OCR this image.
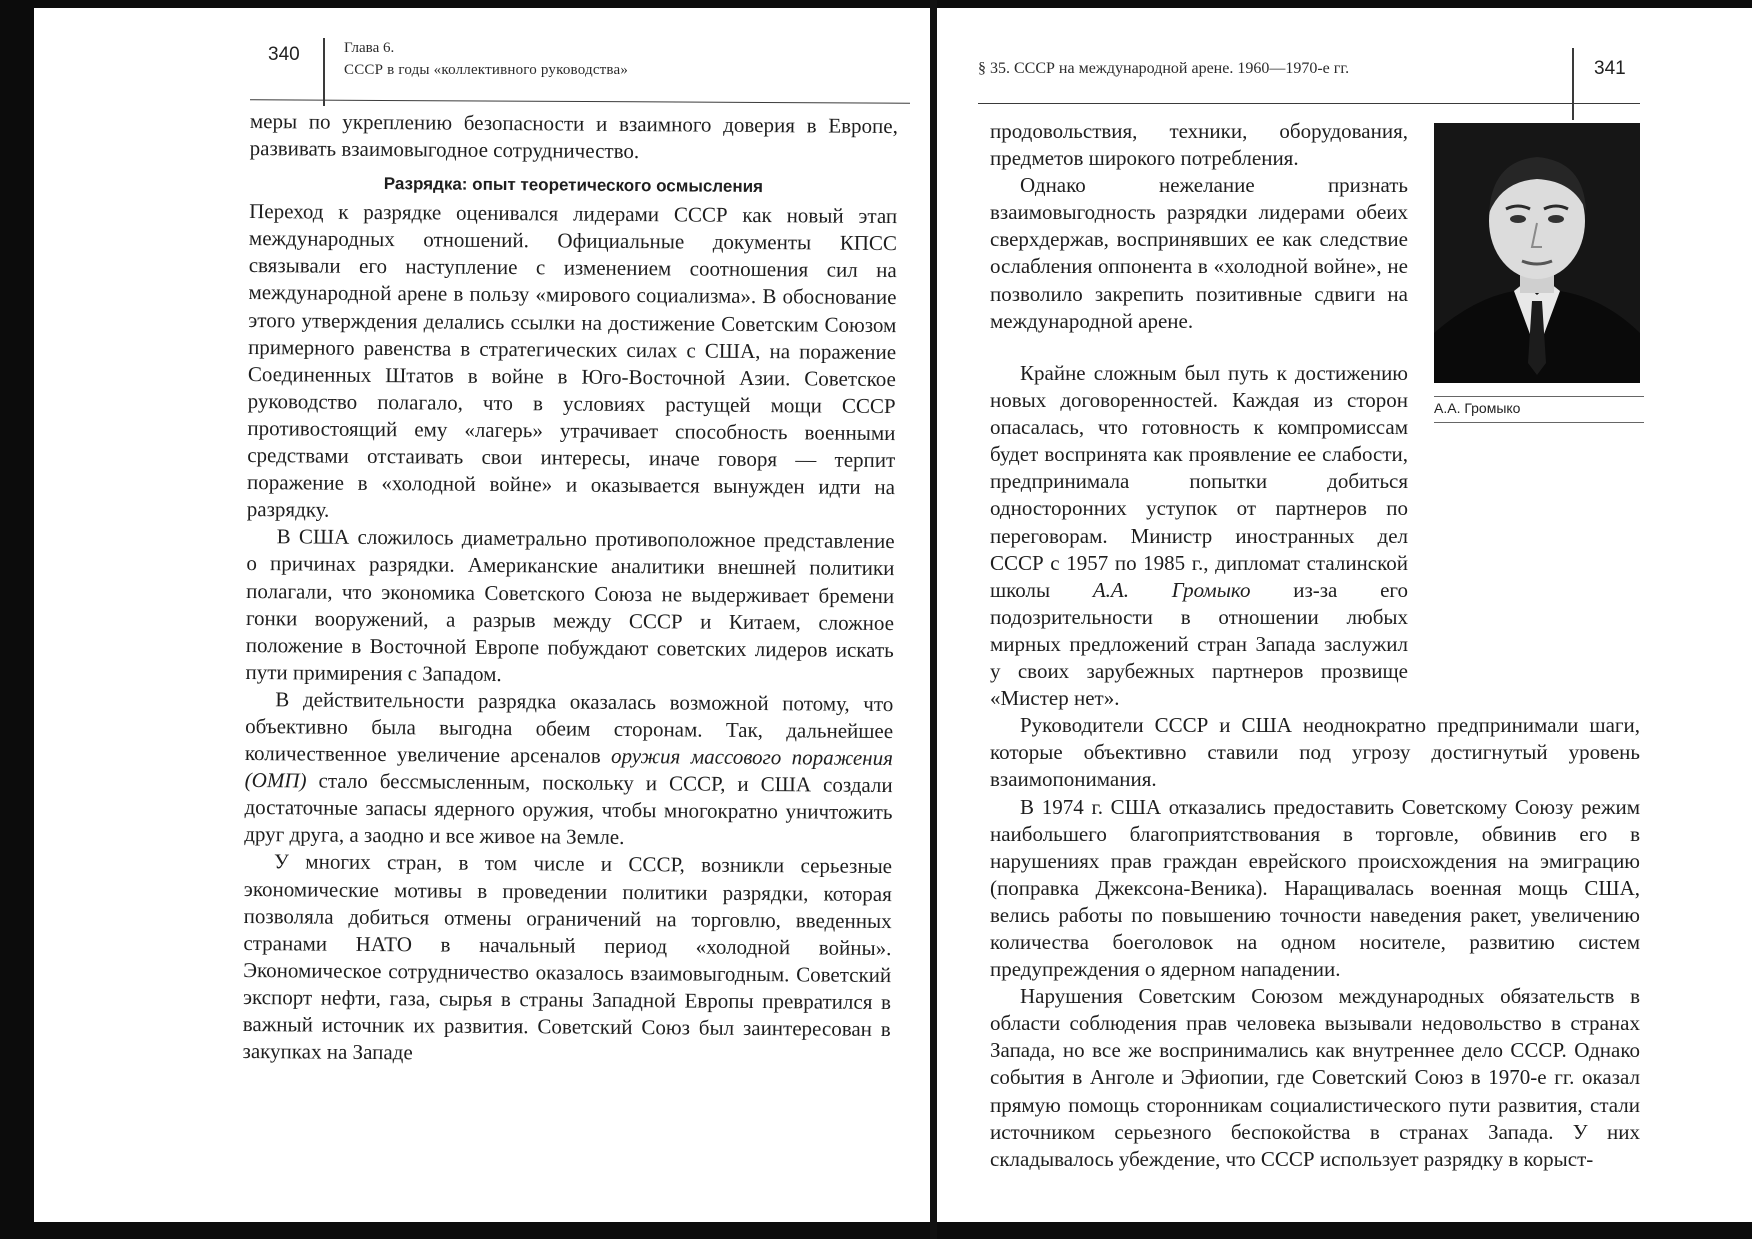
340	Глава 6.
СССР в годы «коллективного руководства»

меры по укреплению безопасности и взаимного доверия в Европе, развивать взаимовыгодное сотрудничество.

Разрядка: опыт теоретического осмысления

Переход к разрядке оценивался лидерами СССР как новый этап международных отношений. Официальные документы КПСС связывали его наступление с изменением соотношения сил на международной арене в пользу «мирового социализма». В обоснование этого утверждения делались ссылки на достижение Советским Союзом примерного равенства в стратегических силах с США, на поражение Соединенных Штатов в войне в Юго-Восточной Азии. Советское руководство полагало, что в условиях растущей мощи СССР противостоящий ему «лагерь» утрачивает способность военными средствами отстаивать свои интересы, иначе говоря — терпит поражение в «холодной войне» и оказывается вынужден идти на разрядку.

В США сложилось диаметрально противоположное представление о причинах разрядки. Американские аналитики внешней политики полагали, что экономика Советского Союза не выдерживает бремени гонки вооружений, а разрыв между СССР и Китаем, сложное положение в Восточной Европе побуждают советских лидеров искать пути примирения с Западом.

В действительности разрядка оказалась возможной потому, что объективно была выгодна обеим сторонам. Так, дальнейшее количественное увеличение арсеналов оружия массового поражения (ОМП) стало бессмысленным, поскольку и СССР, и США создали достаточные запасы ядерного оружия, чтобы многократно уничтожить друг друга, а заодно и все живое на Земле.

У многих стран, в том числе и СССР, возникли серьезные экономические мотивы в проведении политики разрядки, которая позволяла добиться отмены ограничений на торговлю, введенных странами НАТО в начальный период «холодной войны». Экономическое сотрудничество оказалось взаимовыгодным. Советский экспорт нефти, газа, сырья в страны Западной Европы превратился в важный источник их развития. Советский Союз был заинтересован в закупках на Западе

§ 35. СССР на международной арене. 1960—1970-е гг.	341
А.А. Громыко

продовольствия, техники, оборудования, предметов широкого потребления.

Однако нежелание признать взаимовыгодность разрядки лидерами обеих сверхдержав, воспринявших ее как следствие ослабления оппонента в «холодной войне», не позволило закрепить позитивные сдвиги на международной арене.

Крайне сложным был путь к достижению новых договоренностей. Каждая из сторон опасалась, что готовность к компромиссам будет воспринята как проявление ее слабости, предпринимала попытки добиться односторонних уступок от партнеров по переговорам. Министр иностранных дел СССР с 1957 по 1985 г., дипломат сталинской школы А.А. Громыко из-за его подозрительности в отношении любых мирных предложений стран Запада заслужил у своих зарубежных партнеров прозвище «Мистер нет».

Руководители СССР и США неоднократно предпринимали шаги, которые объективно ставили под угрозу достигнутый уровень взаимопонимания.

В 1974 г. США отказались предоставить Советскому Союзу режим наибольшего благоприятствования в торговле, обвинив его в нарушениях прав граждан еврейского происхождения на эмиграцию (поправка Джексона-Веника). Наращивалась военная мощь США, велись работы по повышению точности наведения ракет, увеличению количества боеголовок на одном носителе, развитию систем предупреждения о ядерном нападении.

Нарушения Советским Союзом международных обязательств в области соблюдения прав человека вызывали недовольство в странах Запада, но все же воспринимались как внутреннее дело СССР. Однако события в Анголе и Эфиопии, где Советский Союз в 1970-е гг. оказал прямую помощь сторонникам социалистического пути развития, стали источником серьезного беспокойства в странах Запада. У них складывалось убеждение, что СССР использует разрядку в корыст-
